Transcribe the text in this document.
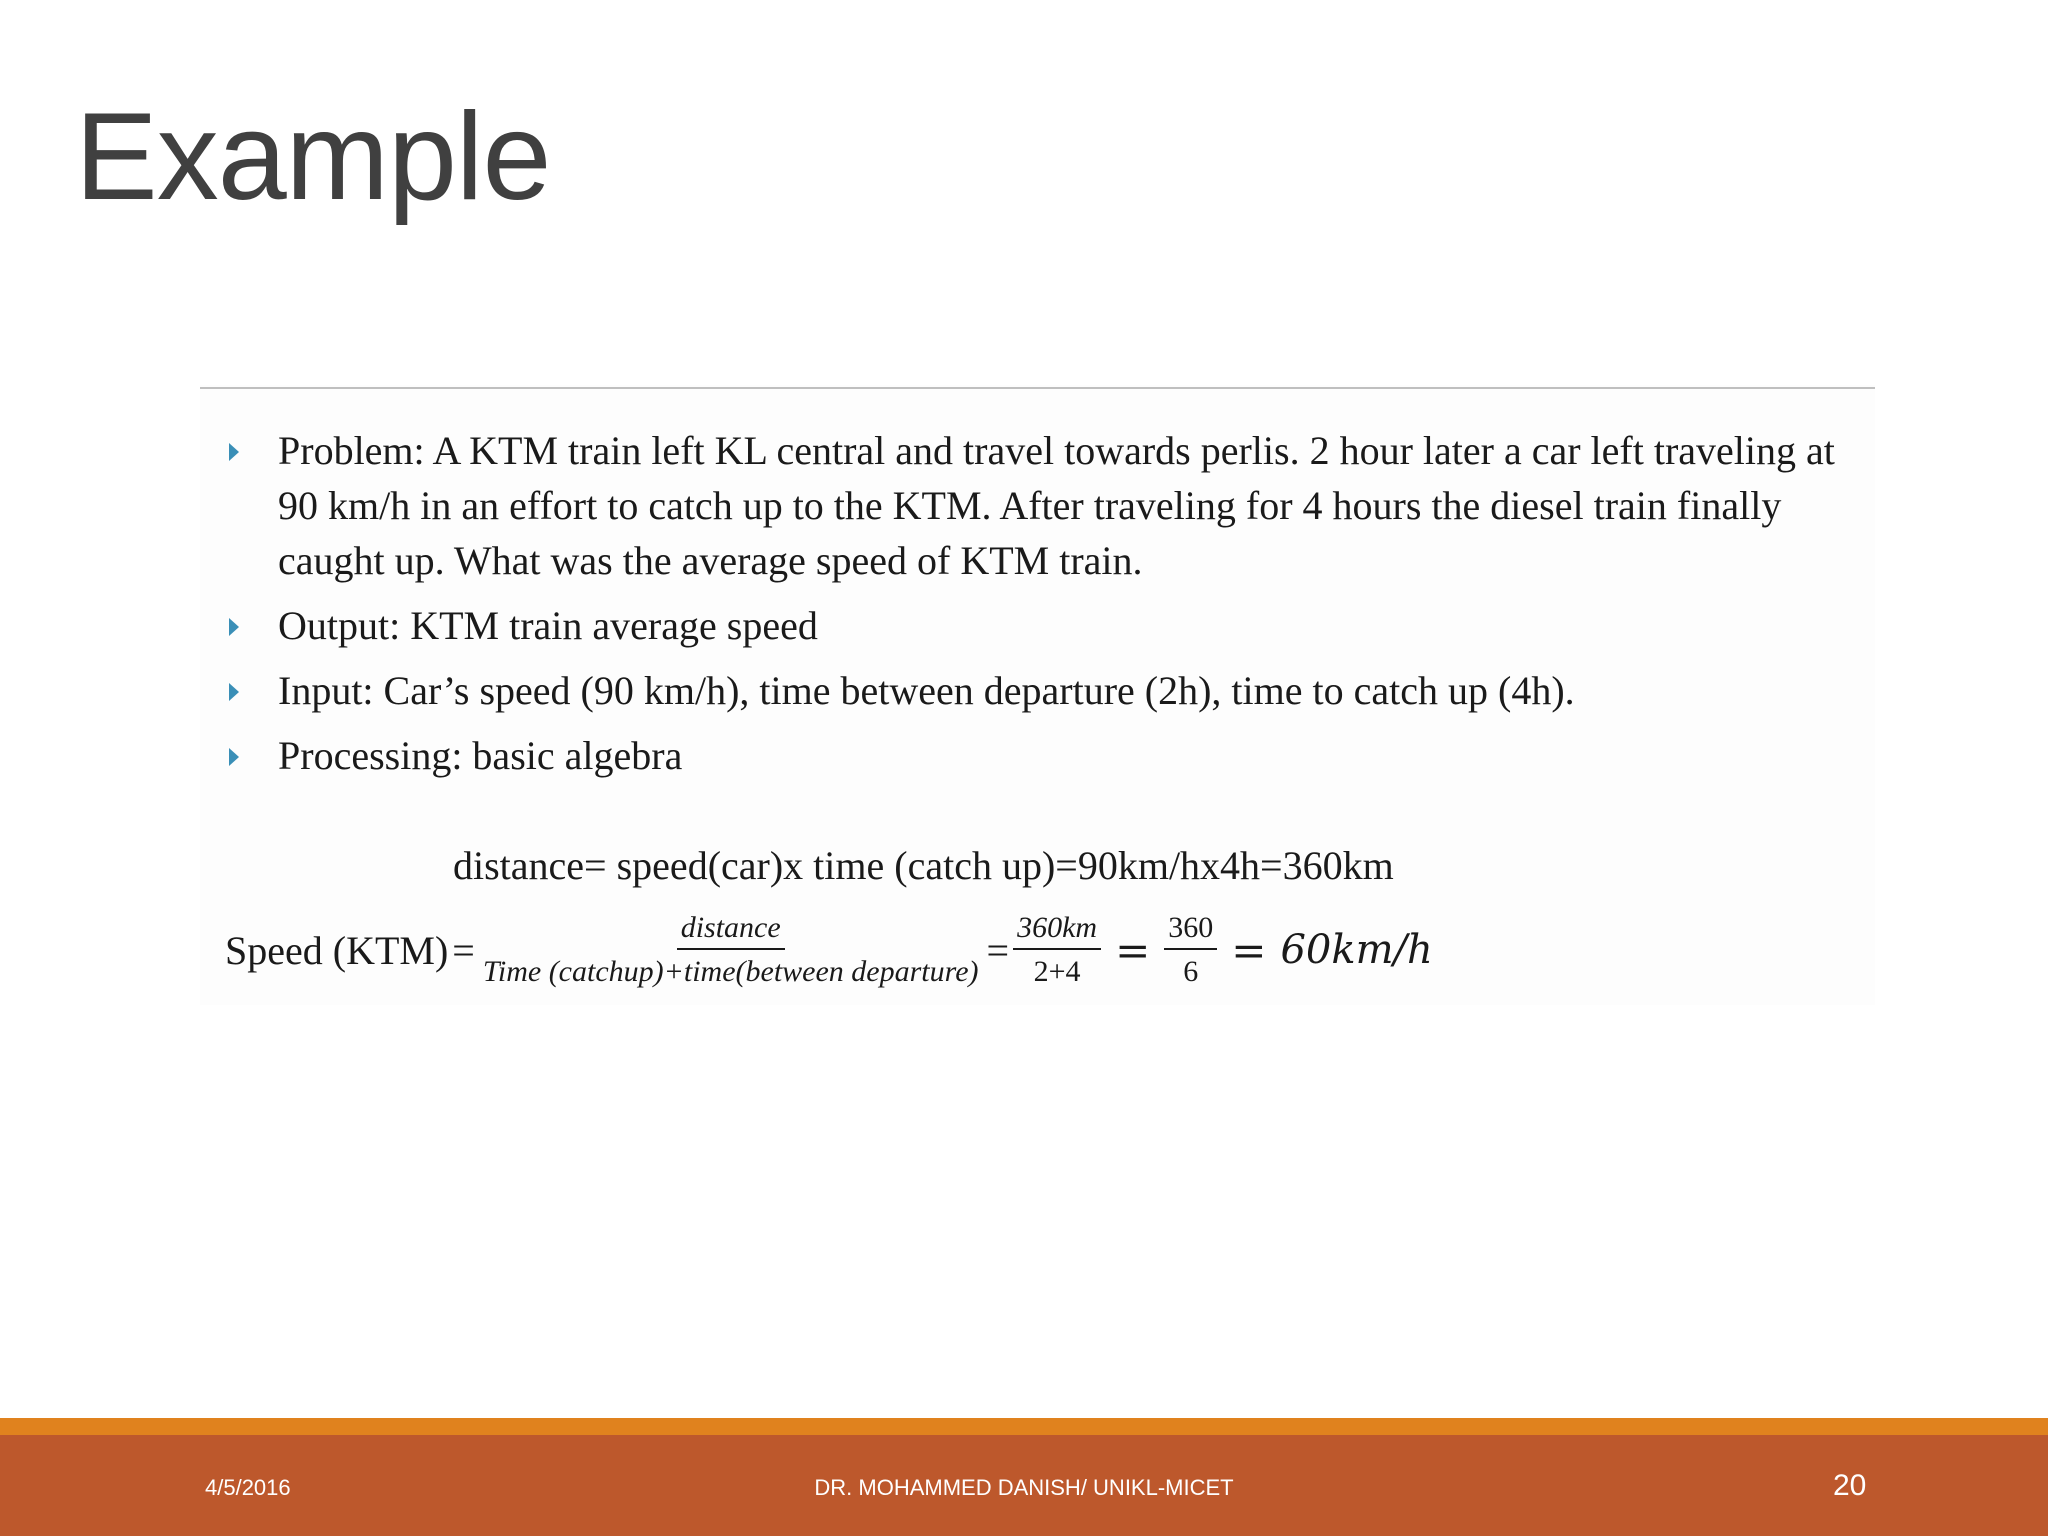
Example
Problem: A KTM train left KL central and travel towards perlis. 2 hour later a car left traveling at 90 km/h in an effort to catch up to the KTM. After traveling for 4 hours the diesel train finally caught up. What was the average speed of KTM train.
Output: KTM train average speed
Input: Car’s speed (90 km/h), time between departure (2h), time to catch up (4h).
Processing: basic algebra
distance= speed(car)x time (catch up)=90km/hx4h=360km
Speed $(KTM) = \frac{\text{distance}}{\text{Time (catchup)+time(between departure)}} = \frac{360km}{2+4} = \frac{360}{6} = 60km/h$
4/5/2016	DR. MOHAMMED DANISH/ UNIKL-MICET	20
